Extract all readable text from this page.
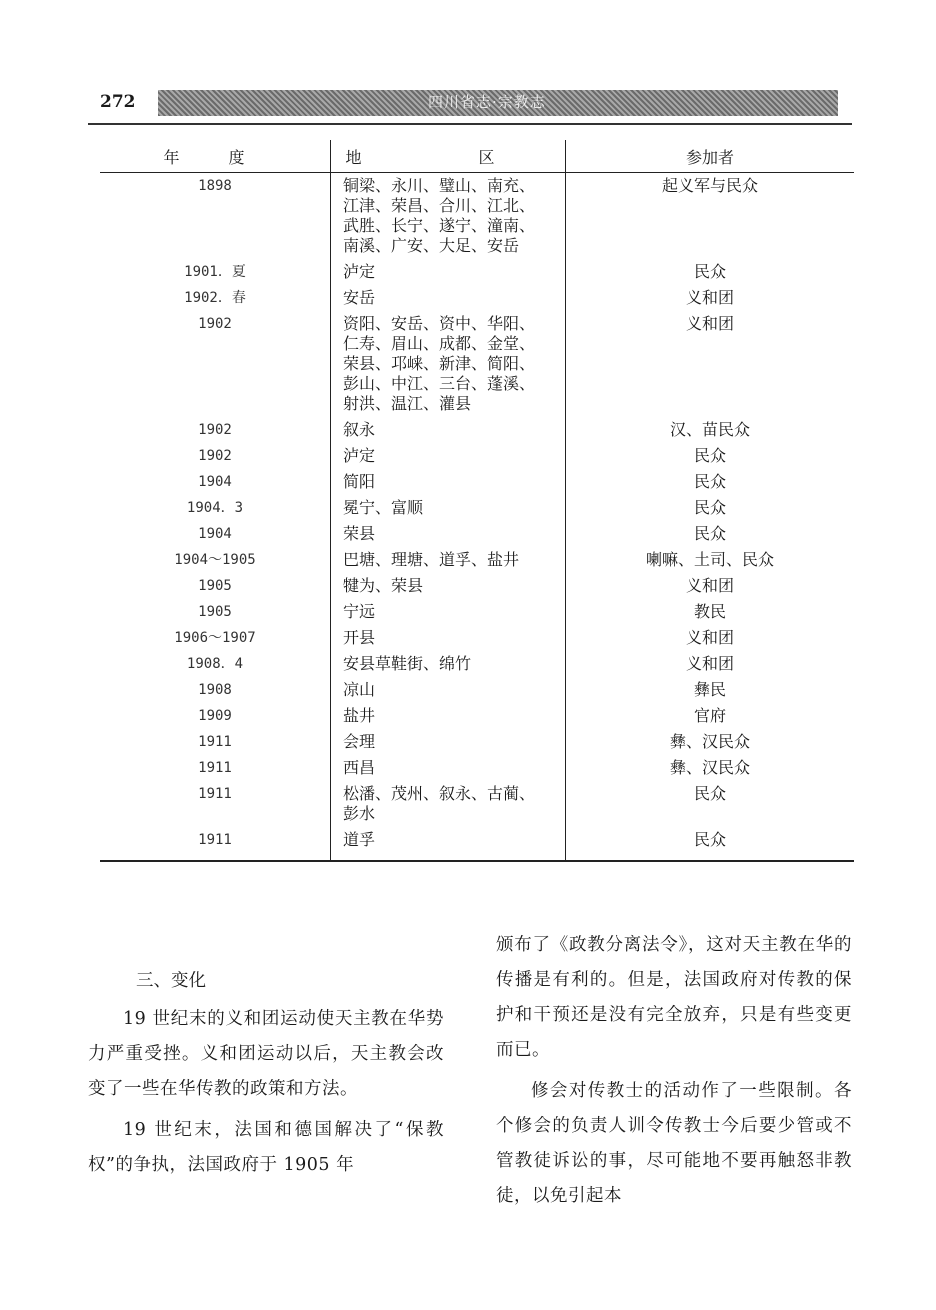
272	四川省志·宗教志
年 度	地 区	参加者
1898	铜梁、永川、璧山、南充、江津、荣昌、合川、江北、武胜、长宁、遂宁、潼南、南溪、广安、大足、安岳	起义军与民众
1901．夏	泸定	民众
1902．春	安岳	义和团
1902	资阳、安岳、资中、华阳、仁寿、眉山、成都、金堂、荣县、邛崃、新津、简阳、彭山、中江、三台、蓬溪、射洪、温江、灌县	义和团
1902	叙永	汉、苗民众
1902	泸定	民众
1904	简阳	民众
1904．3	冕宁、富顺	民众
1904	荣县	民众
1904～1905	巴塘、理塘、道孚、盐井	喇嘛、土司、民众
1905	犍为、荣县	义和团
1905	宁远	教民
1906～1907	开县	义和团
1908．4	安县草鞋街、绵竹	义和团
1908	凉山	彝民
1909	盐井	官府
1911	会理	彝、汉民众
1911	西昌	彝、汉民众
1911	松潘、茂州、叙永、古蔺、彭水	民众
1911	道孚	民众
三、变化

19 世纪末的义和团运动使天主教在华势力严重受挫。义和团运动以后，天主教会改变了一些在华传教的政策和方法。

19 世纪末，法国和德国解决了“保教权”的争执，法国政府于 1905 年

颁布了《政教分离法令》，这对天主教在华的传播是有利的。但是，法国政府对传教的保护和干预还是没有完全放弃，只是有些变更而已。

修会对传教士的活动作了一些限制。各个修会的负责人训令传教士今后要少管或不管教徒诉讼的事，尽可能地不要再触怒非教徒，以免引起本
